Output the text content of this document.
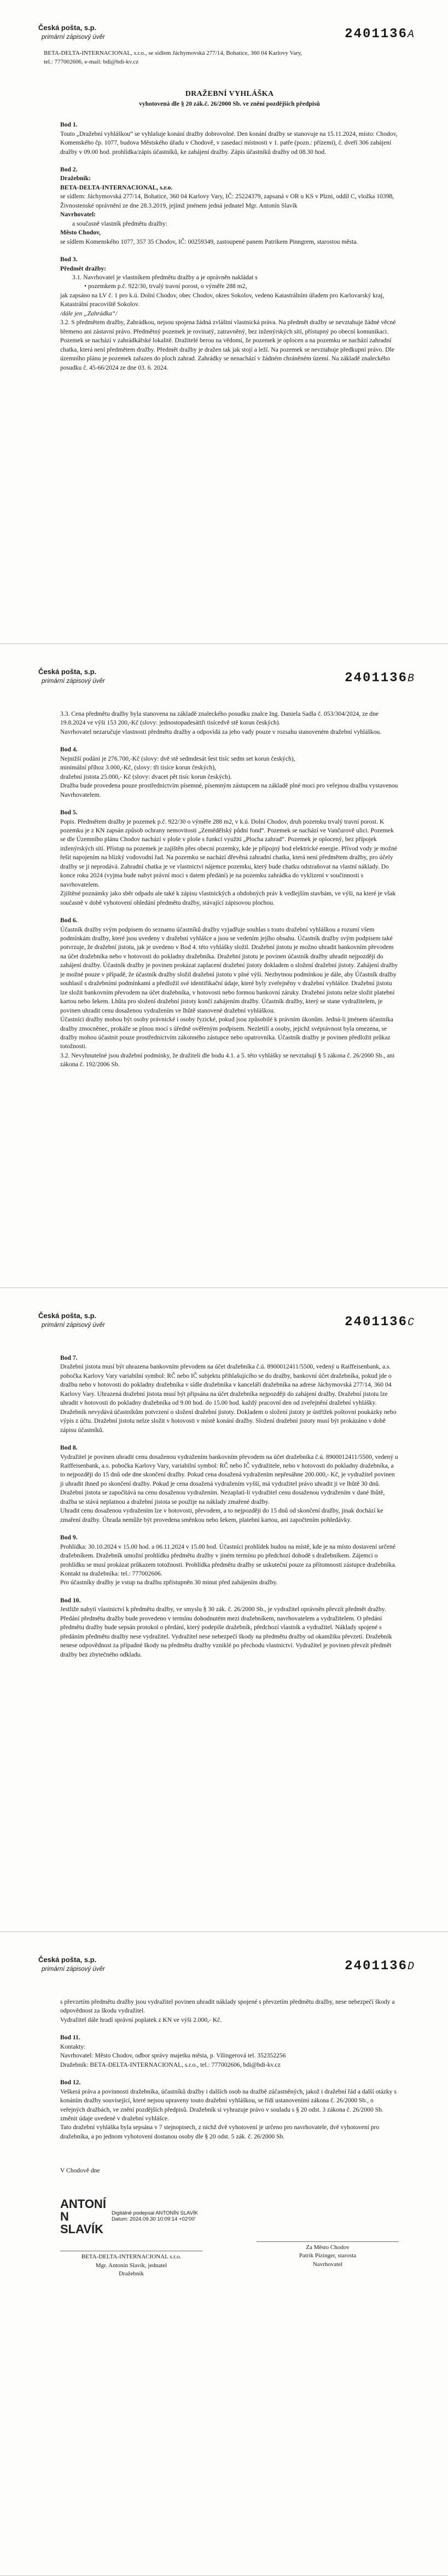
Česká pošta, s.p.
primární zápisový úvěr	2401136A
BETA-DELTA-INTERNACIONAL, s.r.o., se sídlem Jáchymovská 277/14, Bohatice, 360 04 Karlovy Vary, tel.: 777002606, e-mail: bdi@bdi-kv.cz
DRAŽEBNÍ VYHLÁŠKA
vyhotovená dle § 20 zák.č. 26/2000 Sb. ve znění pozdějších předpisů
Bod 1.

Touto „Dražební vyhláškou“ se vyhlašuje konání dražby dobrovolné. Den konání dražby se stanovuje na 15.11.2024, místo: Chodov, Komenského čp. 1077, budova Městského úřadu v Chodově, v zasedací místnosti v 1. patře (pozn.: přízemí), č. dveří 306 zahájení dražby v 09.00 hod. prohlídka/zápis účastníků, ke zahájení dražby. Zápis účastníků dražby od 08.30 hod.

Bod 2.

Dražebník:

BETA-DELTA-INTERNACIONAL, s.r.o.

se sídlem: Jáchymovská 277/14, Bohatice, 360 04 Karlovy Vary, IČ: 25224379, zapsaná v OR u KS v Plzni, oddíl C, vložka 10398, Živnostenské oprávnění ze dne 28.3.2019, jejímž jménem jedná jednatel Mgr. Antonín Slavík

Navrhovatel:

a současně vlastník předmětu dražby:

Město Chodov,

se sídlem Komenského 1077, 357 35 Chodov, IČ: 00259349, zastoupené panem Patrikem Pinngrem, starostou města.

Bod 3.

Předmět dražby:

3.1. Navrhovatel je vlastníkem předmětu dražby a je oprávněn nakládat s

• pozemkem p.č. 922/30, trvalý travní porost, o výměře 288 m2,

jak zapsáno na LV č. 1 pro k.ú. Dolní Chodov, obec Chodov, okres Sokolov, vedeno Katastrálním úřadem pro Karlovarský kraj, Katastrální pracoviště Sokolov.

/dále jen „Zahrádka“/

3.2. S předmětem dražby, Zahrádkou, nejsou spojena žádná zvláštní vlastnická práva. Na předmět dražby se nevztahuje žádné věcné břemeno ani zástavní právo. Předmětný pozemek je rovinatý, zatravněný, bez inženýrských sítí, přístupný po obecní komunikaci. Pozemek se nachází v zahrádkářské lokalitě. Dražitelé berou na vědomí, že pozemek je oplocen a na pozemku se nachází zahradní chatka, která není předmětem dražby. Předmět dražby je dražen tak jak stojí a leží. Na pozemek se nevztahuje předkupní právo. Dle územního plánu je pozemek zařazen do ploch zahrad. Zahrádky se nenachází v žádném chráněném území. Na základě znaleckého posudku č. 45-66/2024 ze dne 03. 6. 2024.

Česká pošta, s.p.
primární zápisový úvěr	2401136B

3.3. Cena předmětu dražby byla stanovena na základě znaleckého posudku znalce Ing. Daniela Sadla č. 053/304/2024, ze dne 19.8.2024 ve výši 153 200,-Kč (slovy: jednostopadesáttři tisícedvě stě korun českých).

Navrhovatel nezaručuje vlastnosti předmětu dražby a odpovídá za jeho vady pouze v rozsahu stanoveném dražební vyhláškou.

Bod 4.

Nejnižší podání je 276.700,-Kč (slovy: dvě stě sedmdesát šest tisíc sedm set korun českých),

minimální příhoz 3.000,-Kč, (slovy: tři tisíce korun českých),

dražební jistota 25.000,- Kč (slovy: dvacet pět tisíc korun českých).

Dražba bude provedena pouze prostřednictvím písemné, písemným zástupcem na základě plné moci pro veřejnou dražbu vystavenou Navrhovatelem.

Bod 5.

Popis. Předmětem dražby je pozemek p.č. 922/30 o výměře 288 m2, v k.ú. Dolní Chodov, druh pozemku trvalý travní porost. K pozemku je z KN zapsán způsob ochrany nemovitosti „Zemědělský půdní fond“. Pozemek se nachází ve Vančurově ulici. Pozemek se dle Územního plánu Chodov nachází v ploše v ploše s funkcí využití „Plocha zahrad“. Pozemek je oplocený, bez přípojek inženýrských sítí. Přístup na pozemek je zajištěn přes obecní pozemky, kde je přípojný bod elektrické energie. Přívod vody je možné řešit napojením na blízký vodovodní řad. Na pozemku se nachází dřevěná zahradní chatka, která není předmětem dražby, pro účely dražby se ji neprodává. Zahradní chatka je ve vlastnictví nájemce pozemku, který bude chatku odstraňovat na vlastní náklady. Do konce roku 2024 (vyjma bude nabyt právní moci s datem předání) je na pozemku zahrádka do vyklizení v součinnosti s navrhovatelem.

Zjištěné poznámky jako sběr odpadu ale také k zápisu vlastnických a obdobných práv k vedlejším stavbám, ve výši, na které je však současně v době vyhotovení ohledání předmětu dražby, stávající zápisovou plochou.

Bod 6.

Účastník dražby svým podpisem do seznamu účastníků dražby vyjadřuje souhlas s touto dražební vyhláškou a rozumí všem podmínkám dražby, které jsou uvedeny v dražební vyhlášce a jsou se vedením jejího obsahu. Účastník dražby svým podpisem také potvrzuje, že dražební jistotu, jak je uvedeno v Bod 4. této vyhlášky složil. Dražební jistotu je možno uhradit bankovním převodem na účet dražebníka nebo v hotovosti do pokladny dražebníka. Dražební jistotu je povinen účastník dražby uhradit nejpozději do zahájení dražby. Účastník dražby je povinen prokázat zaplacení dražební jistoty dokladem o složení dražební jistoty. Zahájení dražby je možné pouze v případě, že účastník dražby složil dražební jistotu v plné výši. Nezbytnou podmínkou je dále, aby Účastník dražby souhlasil s dražebními podmínkami a předložil své identifikační údaje, které byly zveřejněny v dražební vyhlášce. Dražební jistotu lze složit bankovním převodem na účet dražebníka, v hotovosti nebo formou bankovní záruky. Dražební jistotu nelze složit platební kartou nebo šekem. Lhůta pro složení dražební jistoty končí zahájením dražby. Účastník dražby, který se stane vydražitelem, je povinen uhradit cenu dosaženou vydražením ve lhůtě stanovené dražební vyhláškou.

Účastníci dražby mohou být osoby právnické i osoby fyzické, pokud jsou způsobilé k právním úkonům. Jedná-li jménem účastníka dražby zmocněnec, prokáže se plnou mocí s úředně ověřeným podpisem. Nezletilí a osoby, jejichž svéprávnost byla omezena, se dražby mohou účastnit pouze prostřednictvím zákonného zástupce nebo opatrovníka. Účastník dražby je povinen předložit průkaz totožnosti.

3.2. Nevyhnutelné jsou dražební podmínky, že dražiteli dle bodu 4.1. a 5. této vyhlášky se nevztahují § 5 zákona č. 26/2000 Sb., ani zákona č. 192/2006 Sb.

Česká pošta, s.p.
primární zápisový úvěr	2401136C
Bod 7.

Dražební jistota musí být uhrazena bankovním převodem na účet dražebníka č.ú. 8900012411/5500, vedený u Raiffeisenbank, a.s. pobočka Karlovy Vary variabilní symbol: RČ nebo IČ subjektu přihlašujícího se do dražby, bankovní účet dražebníka, pokud jde o dražbu nebo v hotovosti do pokladny dražebníka v sídle dražebníka v kanceláři dražebníka na adrese Jáchymovská 277/14, 360 04 Karlovy Vary. Uhrazená dražební jistota musí být připsána na účet dražebníka nejpozději do zahájení dražby. Dražební jistotu lze uhradit v hotovosti do pokladny dražebníka od 9.00 hod. do 15.00 hod. každý pracovní den od zveřejnění dražební vyhlášky. Dražebník nevydává účastníkům potvrzení o složení dražební jistoty. Dokladem o složení jistoty je ústřižek poštovní poukázky nebo výpis z účtu. Dražební jistotu nelze složit v hotovosti v místě konání dražby. Složení dražební jistoty musí být prokázáno v době zápisu účastníků.

Bod 8.

Vydražitel je povinen uhradit cenu dosaženou vydražením bankovním převodem na účet dražebníka č.ú. 8900012411/5500, vedený u Raiffeisenbank, a.s. pobočka Karlovy Vary, variabilní symbol: RČ nebo IČ vydražitele, nebo v hotovosti do pokladny dražebníka, a to nejpozději do 15 dnů ode dne skončení dražby. Pokud cena dosažená vydražením nepřesáhne 200.000,- Kč, je vydražitel povinen ji uhradit ihned po skončení dražby. Pokud je cena dosažená vydražením vyšší, má vydražitel právo uhradit ji ve lhůtě 30 dnů. Dražební jistota se započítává na cenu dosaženou vydražením. Nezaplatí-li vydražitel cenu dosaženou vydražením v dané lhůtě, dražba se stává neplatnou a dražební jistota se použije na náklady zmařené dražby.

Uhradit cenu dosaženou vydražením lze v hotovosti, převodem, a to nejpozději do 15 dnů od skončení dražby, jinak dochází ke zmaření dražby. Úhrada nemůže být provedena směnkou nebo šekem, platební kartou, ani započtením pohledávky.

Bod 9.

Prohlídka: 30.10.2024 v 15.00 hod. a 06.11.2024 v 15.00 hod. Účastníci prohlídek budou na místě, kde je na místo dostavení určené dražebníkem. Dražebník umožní prohlídku předmětu dražby v jiném termínu po předchozí dohodě s dražebníkem. Zájemci o prohlídku se musí prokázat průkazem totožnosti. Prohlídka předmětu dražby se uskuteční pouze za přítomnosti zástupce dražebníka. Kontakt na dražebníka: tel.: 777002606.

Pro účastníky dražby je vstup na dražbu zpřístupněn 30 minut před zahájením dražby.

Bod 10.

Jestliže nabytí vlastnictví k předmětu dražby, ve smyslu § 30 zák. č. 26/2000 Sb., je vydražitel oprávněn převzít předmět dražby. Předání předmětu dražby bude provedeno v termínu dohodnutém mezi dražebníkem, navrhovatelem a vydražitelem. O předání předmětu dražby bude sepsán protokol o předání, který podepíše dražebník, předchozí vlastník a vydražitel. Náklady spojené s předáním předmětu dražby nese vydražitel. Vydražitel nese nebezpečí škody na předmětu dražby od okamžiku převzetí. Dražebník nenese odpovědnost za případné škody na předmětu dražby vzniklé po přechodu vlastnictví. Vydražitel je povinen převzít předmět dražby bez zbytečného odkladu.

Česká pošta, s.p.
primární zápisový úvěr	2401136D

s převzetím předmětu dražby jsou vydražitel povinen uhradit náklady spojené s převzetím předmětu dražby, nese nebezpečí škody a odpovědnost za škodu vydražitel.

Vydražitel dále hradí správní poplatek z KN ve výši 2.000,- Kč.

Bod 11.

Kontakty:

Navrhovatel: Město Chodov, odbor správy majetku města, p. Vilingerová tel. 352352256

Dražebník: BETA-DELTA-INTERNACIONAL, s.r.o., tel.: 777002606, bdi@bdi-kv.cz

Bod 12.

Veškerá práva a povinnosti dražebníka, účastníků dražby i dalších osob na dražbě zúčastněných, jakož i dražební řád a další otázky s konáním dražby související, které nejsou upraveny touto dražební vyhláškou, se řídí ustanoveními zákona č. 26/2000 Sb., o veřejných dražbách, ve znění pozdějších předpisů. Dražebník si vyhrazuje právo v souladu s § 20 odst. 3 zákona č. 26/2000 Sb. změnit údaje uvedené v dražební vyhlášce.

Tato dražební vyhláška byla sepsána v 7 stejnopisech, z nichž dvě vyhotovení je určeno pro navrhovatele, dvě vyhotovení pro dražebníka, a po jednom vyhotovení dostanou osoby dle § 20 odst. 5 zák. č. 26/2000 Sb.

V Chodově dne

ANTONÍ
N SLAVÍK
Digitálně podepsal ANTONÍN SLAVÍK Datum: 2024.09.30 10:09:14 +02'00'
BETA-DELTA-INTERNACIONAL s.r.o.
Mgr. Antonín Slavík, jednatel
Dražebník
Za Město Chodov
Patrik Pizinger, starosta
Navrhovatel
